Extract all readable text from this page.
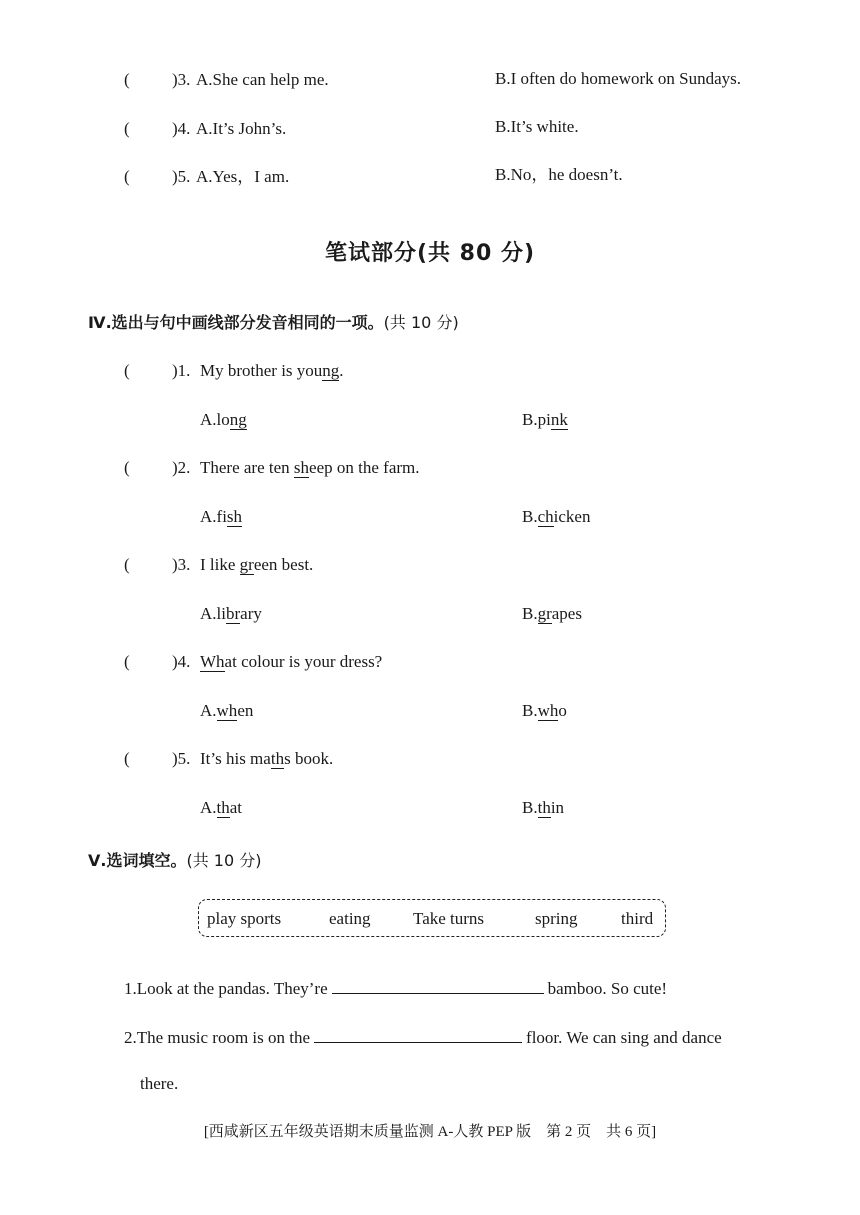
( )3. A.She can help me.	B.I often do homework on Sundays.
( )4. A.It’s John’s.	B.It’s white.
( )5. A.Yes，I am.	B.No，he doesn’t.
笔试部分(共 80 分)
Ⅳ.选出与句中画线部分发音相同的一项。(共 10 分)
( )1. My brother is young.
A.long	B.pink
( )2. There are ten sheep on the farm.
A.fish	B.chicken
( )3. I like green best.
A.library	B.grapes
( )4. What colour is your dress?
A.when	B.who
( )5. It’s his maths book.
A.that	B.thin
Ⅴ.选词填空。(共 10 分)
play sports	eating Take turns	spring	third
1.Look at the pandas. They’re	bamboo. So cute!
2.The music room is on the	floor. We can sing and dance
there.
[西咸新区五年级英语期末质量监测 A-人教 PEP 版　第 2 页　共 6 页]
